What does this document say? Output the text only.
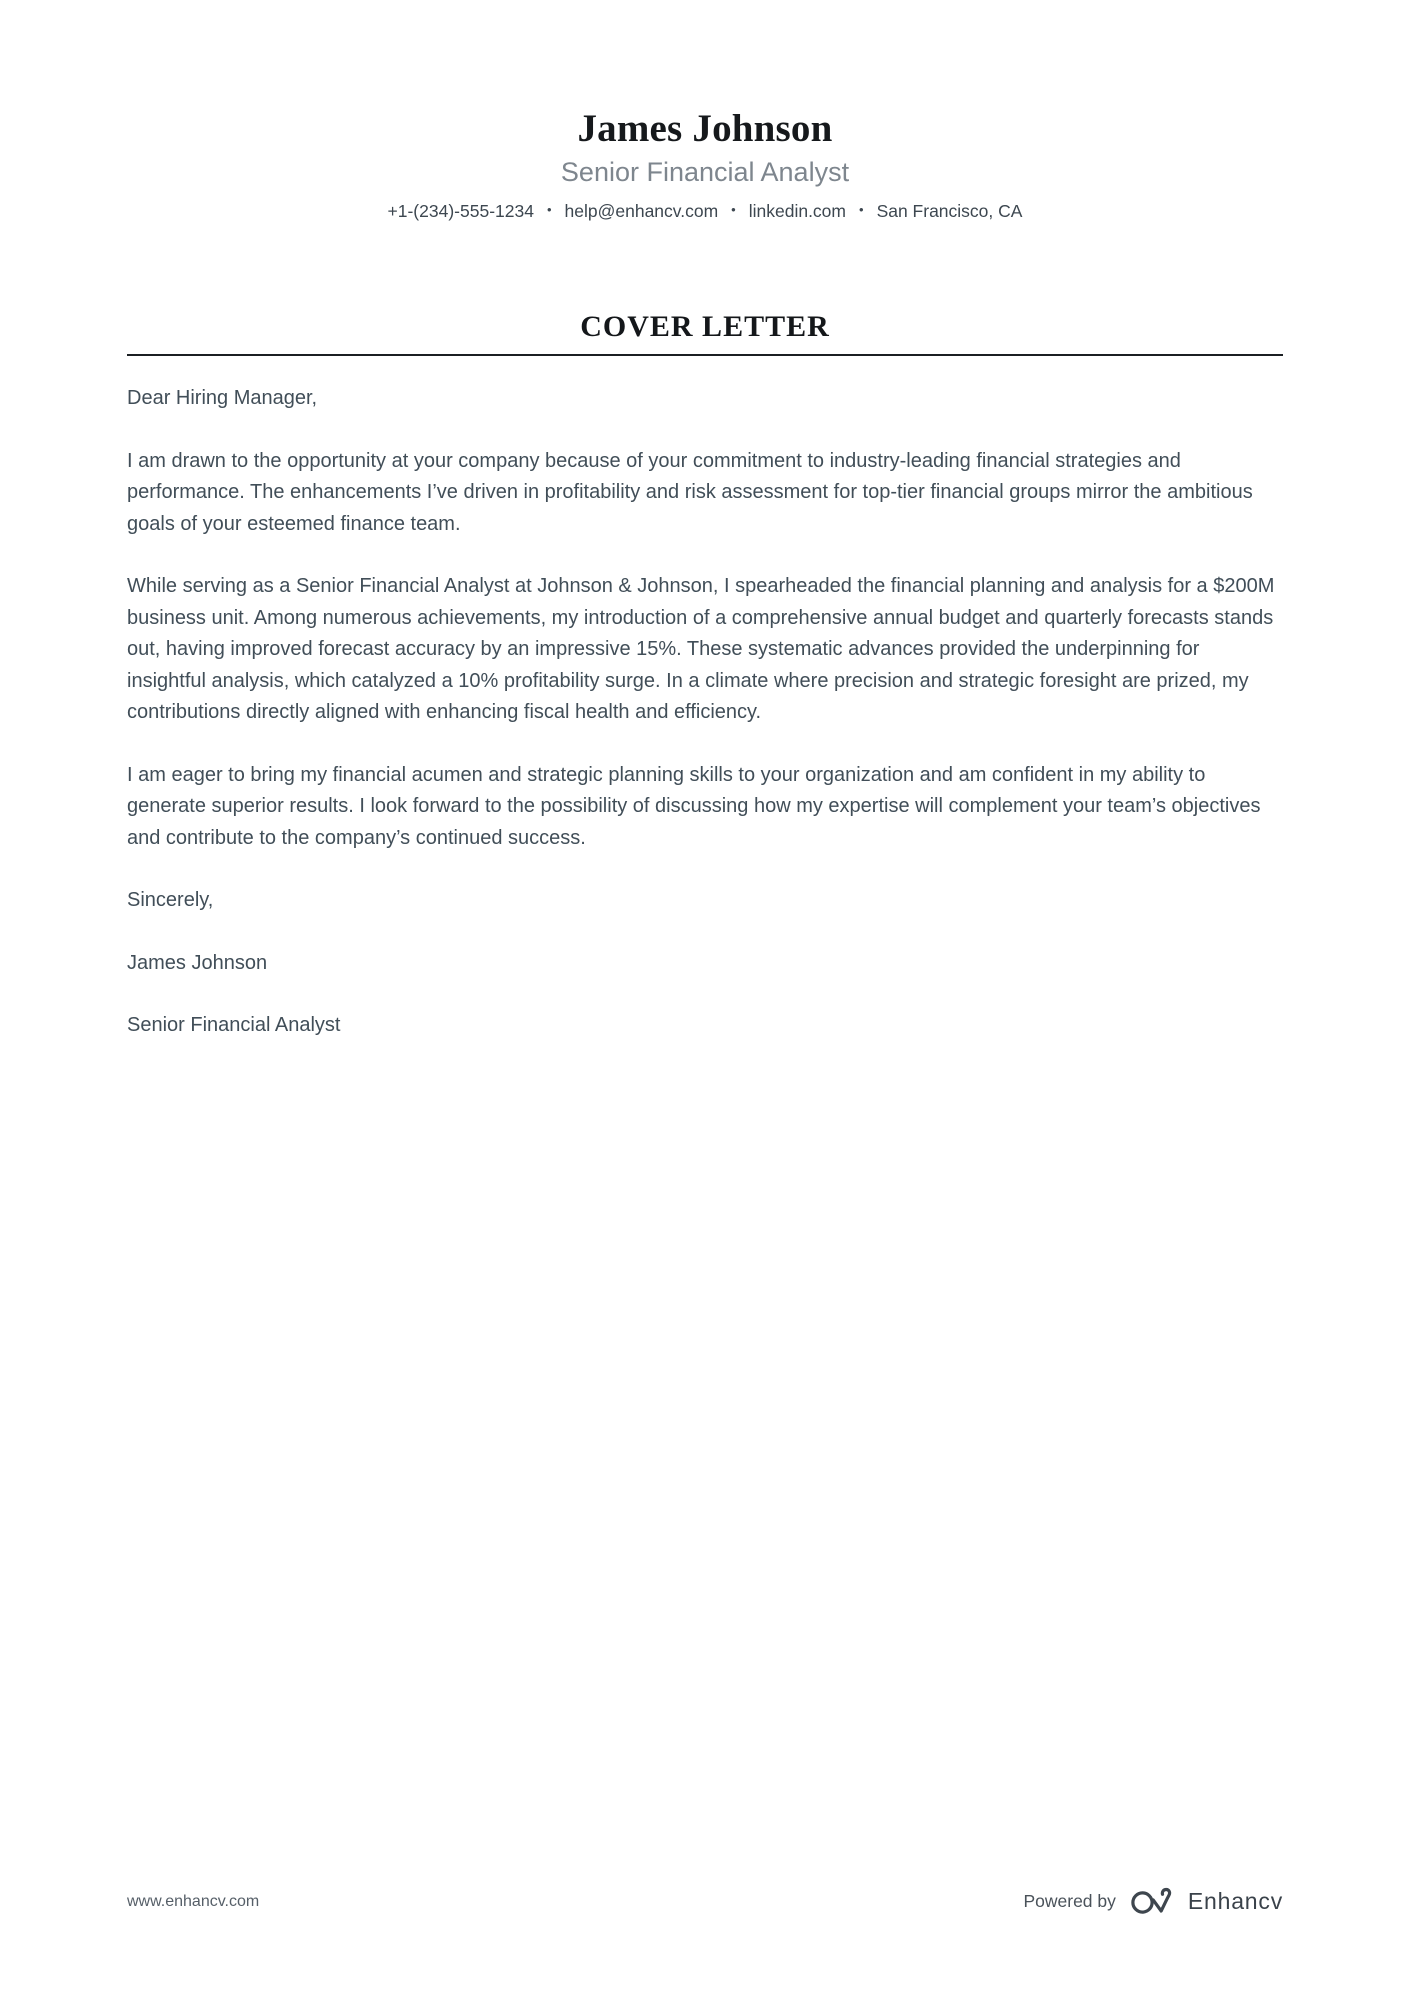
James Johnson

Senior Financial Analyst

+1-(234)-555-1234 • help@enhancv.com • linkedin.com • San Francisco, CA
COVER LETTER

Dear Hiring Manager,

I am drawn to the opportunity at your company because of your commitment to industry-leading financial strategies and performance. The enhancements I’ve driven in profitability and risk assessment for top-tier financial groups mirror the ambitious goals of your esteemed finance team.

While serving as a Senior Financial Analyst at Johnson & Johnson, I spearheaded the financial planning and analysis for a $200M business unit. Among numerous achievements, my introduction of a comprehensive annual budget and quarterly forecasts stands out, having improved forecast accuracy by an impressive 15%. These systematic advances provided the underpinning for insightful analysis, which catalyzed a 10% profitability surge. In a climate where precision and strategic foresight are prized, my contributions directly aligned with enhancing fiscal health and efficiency.

I am eager to bring my financial acumen and strategic planning skills to your organization and am confident in my ability to generate superior results. I look forward to the possibility of discussing how my expertise will complement your team’s objectives and contribute to the company’s continued success.

Sincerely,

James Johnson

Senior Financial Analyst

www.enhancv.com	Powered by	Enhancv
